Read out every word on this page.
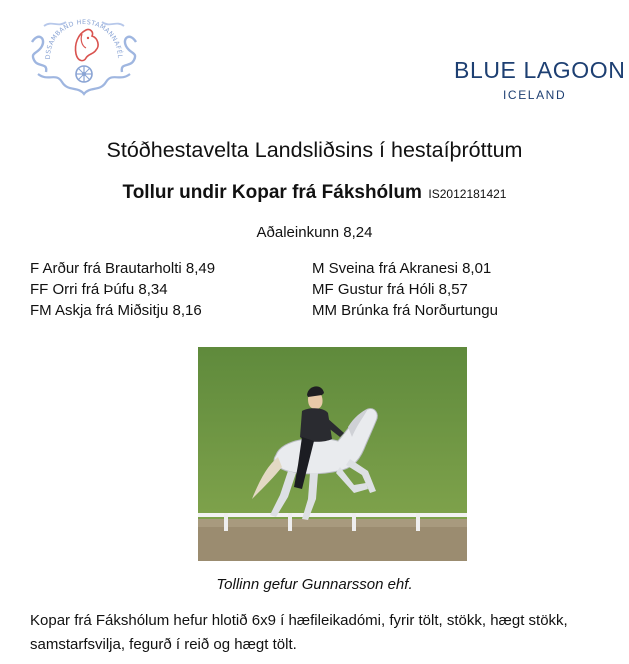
DSSAMBAND HESTAMANNAFÉL
BLUE LAGOON
ICELAND
Stóðhestavelta Landsliðsins í hestaíþróttum
Tollur undir Kopar frá Fákshólum IS2012181421
Aðaleinkunn 8,24
F Arður frá Brautarholti 8,49
FF Orri frá Þúfu 8,34
FM Askja frá Miðsitju 8,16
M Sveina frá Akranesi 8,01
MF Gustur frá Hóli 8,57
MM Brúnka frá Norðurtungu
Tollinn gefur Gunnarsson ehf.
Kopar frá Fákshólum hefur hlotið 6x9 í hæfileikadómi, fyrir tölt, stökk, hægt stökk, samstarfsvilja, fegurð í reið og hægt tölt.
